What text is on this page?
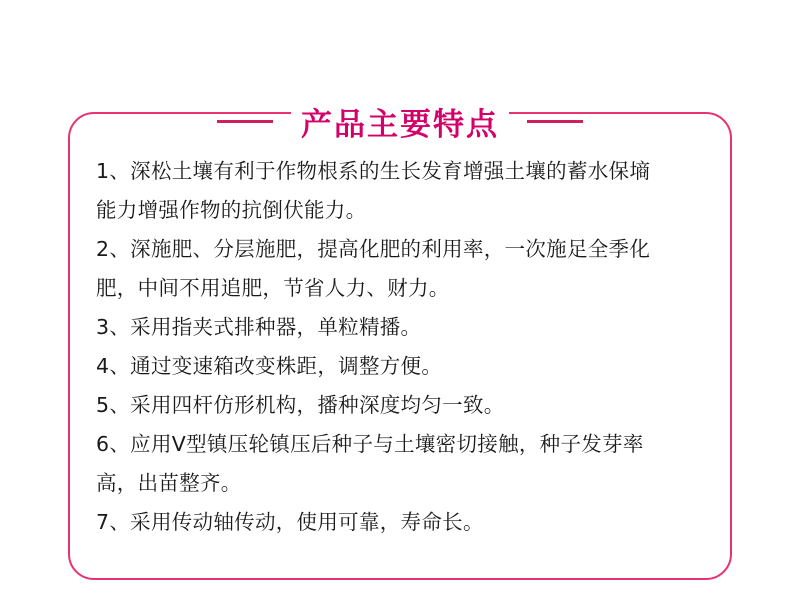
产品主要特点
1、深松土壤有利于作物根系的生长发育增强土壤的蓄水保墒
能力增强作物的抗倒伏能力。
2、深施肥、分层施肥，提高化肥的利用率，一次施足全季化
肥，中间不用追肥，节省人力、财力。
3、采用指夹式排种器，单粒精播。
4、通过变速箱改变株距，调整方便。
5、采用四杆仿形机构，播种深度均匀一致。
6、应用V型镇压轮镇压后种子与土壤密切接触，种子发芽率
高，出苗整齐。
7、采用传动轴传动，使用可靠，寿命长。
